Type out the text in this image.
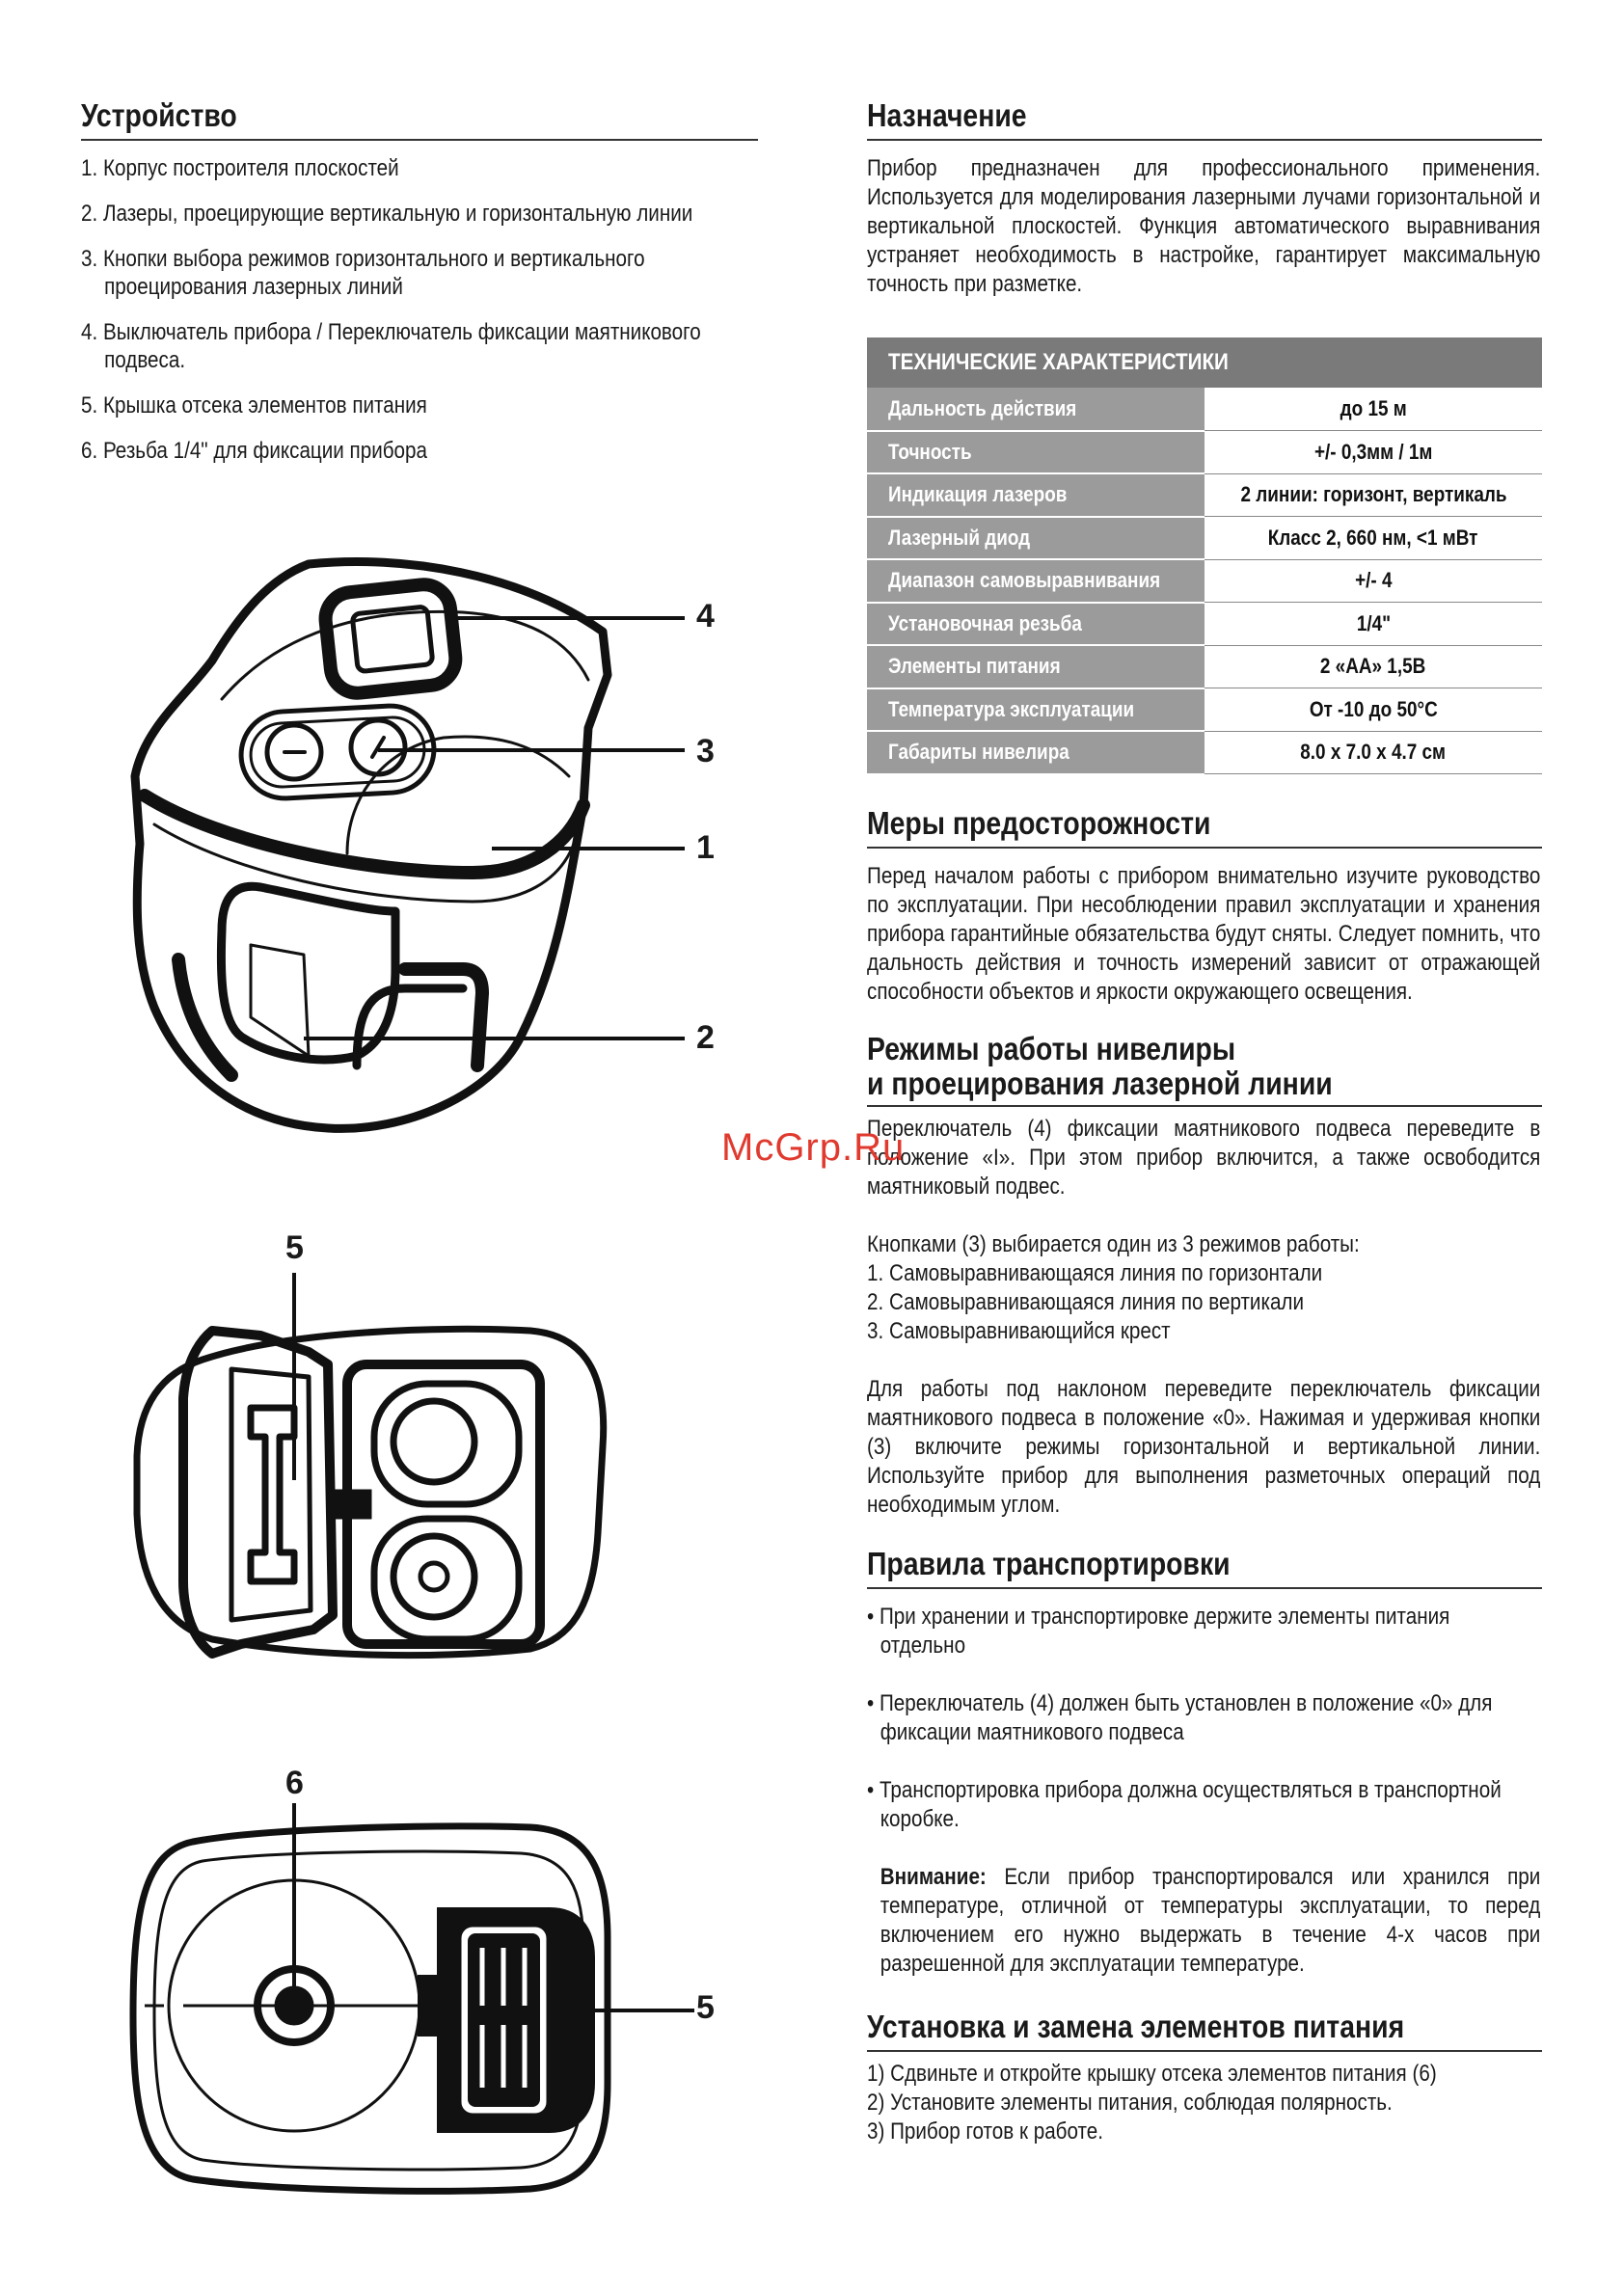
Устройство
1. Корпус построителя плоскостей
2. Лазеры, проецирующие вертикальную и горизонтальную линии
3. Кнопки выбора режимов горизонтального и вертикального проецирования лазерных линий
4. Выключатель прибора / Переключатель фиксации маятникового подвеса.
5. Крышка отсека элементов питания
6. Резьба 1/4" для фиксации прибора
4
3
1
2
5
6
5
Назначение

Прибор предназначен для профессионального применения. Используется для моделирования лазерными лучами горизонтальной и вертикальной плоскостей. Функция автоматического выравнивания устраняет необходимость в настройке, гарантирует максимальную точность при разметке.

ТЕХНИЧЕСКИЕ ХАРАКТЕРИСТИКИ	
Дальность действия	до 15 м
Точность	+/- 0,3мм / 1м
Индикация лазеров	2 линии: горизонт, вертикаль
Лазерный диод	Класс 2, 660 нм, <1 мВт
Диапазон самовыравнивания	+/- 4
Установочная резьба	1/4"
Элементы питания	2 «АА» 1,5В
Температура эксплуатации	От -10 до 50°С
Габариты нивелира	8.0 х 7.0 х 4.7 см
Меры предосторожности

Перед началом работы с прибором внимательно изучите руководство по эксплуатации. При несоблюдении правил эксплуатации и хранения прибора гарантийные обязательства будут сняты. Следует помнить, что дальность действия и точность измерений зависит от отражающей способности объектов и яркости окружающего освещения.

Режимы работы нивелиры
и проецирования лазерной линии

Переключатель (4) фиксации маятникового подвеса переведите в положение «I». При этом прибор включится, а также освободится маятниковый подвес.

Кнопками (3) выбирается один из 3 режимов работы:

1. Самовыравнивающаяся линия по горизонтали

2. Самовыравнивающаяся линия по вертикали

3. Самовыравнивающийся крест

Для работы под наклоном переведите переключатель фиксации маятникового подвеса в положение «0». Нажимая и удерживая кнопки (3) включите режимы горизонтальной и вертикальной линии. Используйте прибор для выполнения разметочных операций под необходимым углом.

Правила транспортировки

• При хранении и транспортировке держите элементы питания отдельно

• Переключатель (4) должен быть установлен в положение «0» для фиксации маятникового подвеса

• Транспортировка прибора должна осуществляться в транспортной коробке.

Внимание: Если прибор транспортировался или хранился при температуре, отличной от температуры эксплуатации, то перед включением его нужно выдержать в течение 4-х часов при разрешенной для эксплуатации температуре.

Установка и замена элементов питания

1) Сдвиньте и откройте крышку отсека элементов питания (6)

2) Установите элементы питания, соблюдая полярность.

3) Прибор готов к работе.

McGrp.Ru
